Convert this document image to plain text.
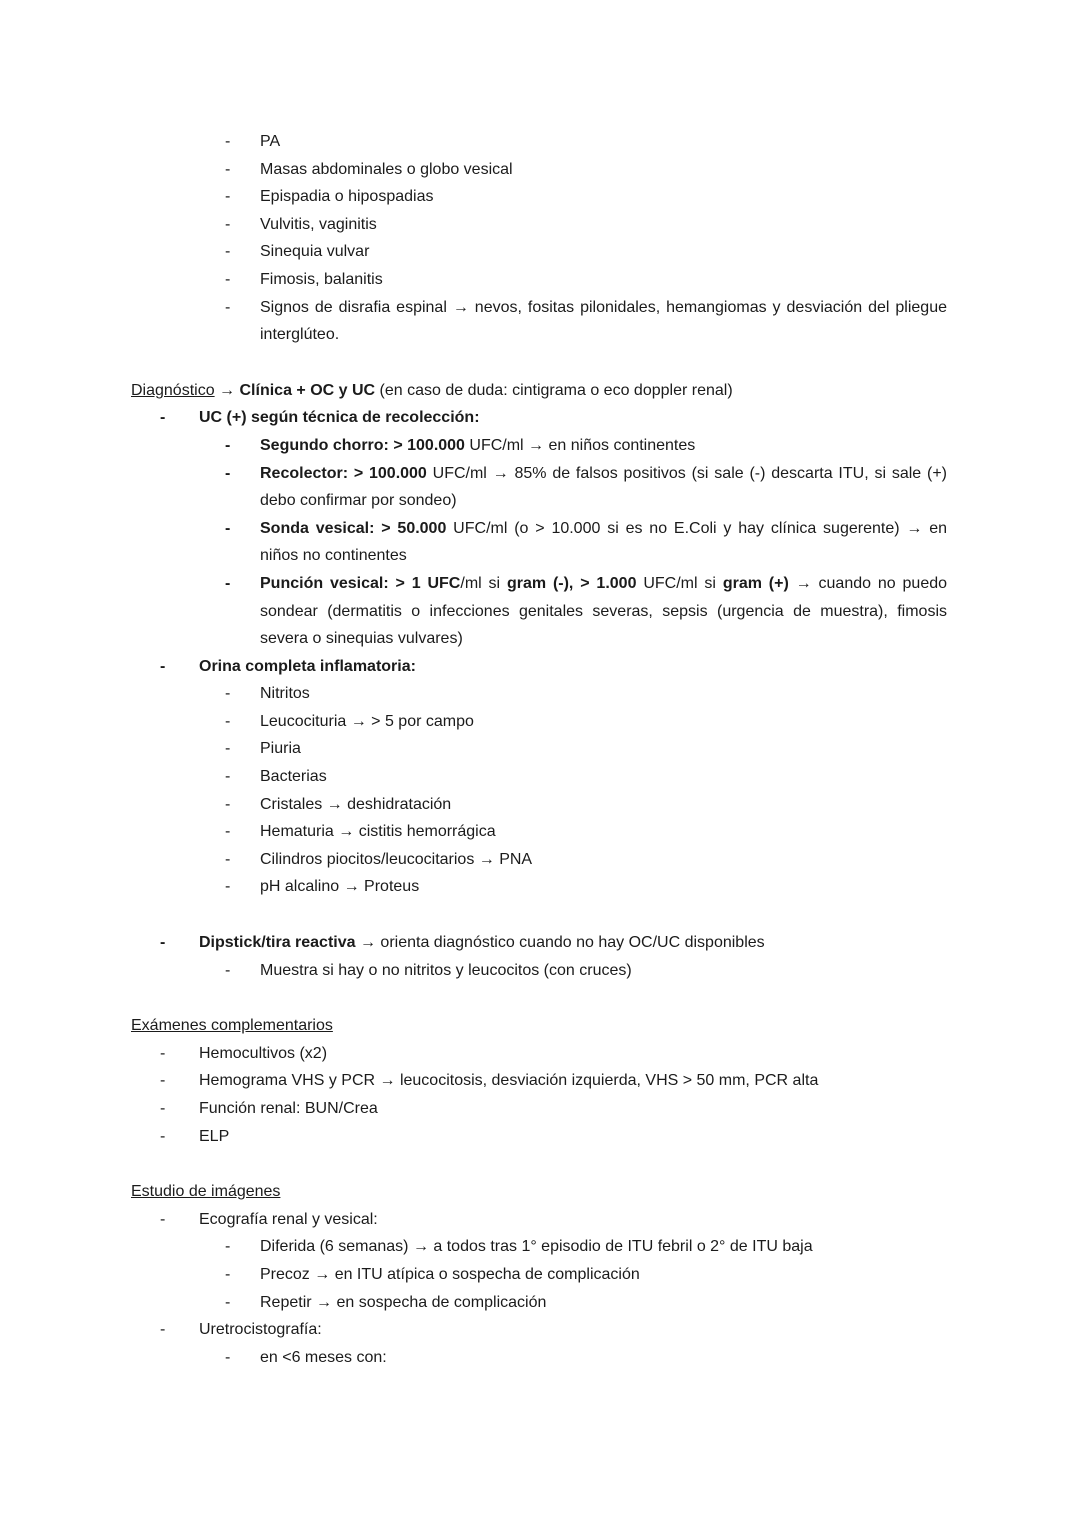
-	PA
-	Masas abdominales o globo vesical
-	Epispadia o hipospadias
-	Vulvitis, vaginitis
-	Sinequia vulvar
-	Fimosis, balanitis
-	Signos de disrafia espinal → nevos, fositas pilonidales, hemangiomas y desviación del pliegue interglúteo.
Diagnóstico → Clínica + OC y UC (en caso de duda: cintigrama o eco doppler renal)
-	UC (+) según técnica de recolección:
-	Segundo chorro: > 100.000 UFC/ml → en niños continentes
-	Recolector: > 100.000 UFC/ml → 85% de falsos positivos (si sale (-) descarta ITU, si sale (+) debo confirmar por sondeo)
-	Sonda vesical: > 50.000 UFC/ml (o > 10.000 si es no E.Coli y hay clínica sugerente) → en niños no continentes
-	Punción vesical: > 1 UFC/ml si gram (-), > 1.000 UFC/ml si gram (+) → cuando no puedo sondear (dermatitis o infecciones genitales severas, sepsis (urgencia de muestra), fimosis severa o sinequias vulvares)
-	Orina completa inflamatoria:
-	Nitritos
-	Leucocituria → > 5 por campo
-	Piuria
-	Bacterias
-	Cristales → deshidratación
-	Hematuria → cistitis hemorrágica
-	Cilindros piocitos/leucocitarios → PNA
-	pH alcalino → Proteus
-	Dipstick/tira reactiva → orienta diagnóstico cuando no hay OC/UC disponibles
-	Muestra si hay o no nitritos y leucocitos (con cruces)
Exámenes complementarios
-	Hemocultivos (x2)
-	Hemograma VHS y PCR → leucocitosis, desviación izquierda, VHS > 50 mm, PCR alta
-	Función renal: BUN/Crea
-	ELP
Estudio de imágenes
-	Ecografía renal y vesical:
-	Diferida (6 semanas) → a todos tras 1° episodio de ITU febril o 2° de ITU baja
-	Precoz → en ITU atípica o sospecha de complicación
-	Repetir → en sospecha de complicación
-	Uretrocistografía:
-	en <6 meses con:
